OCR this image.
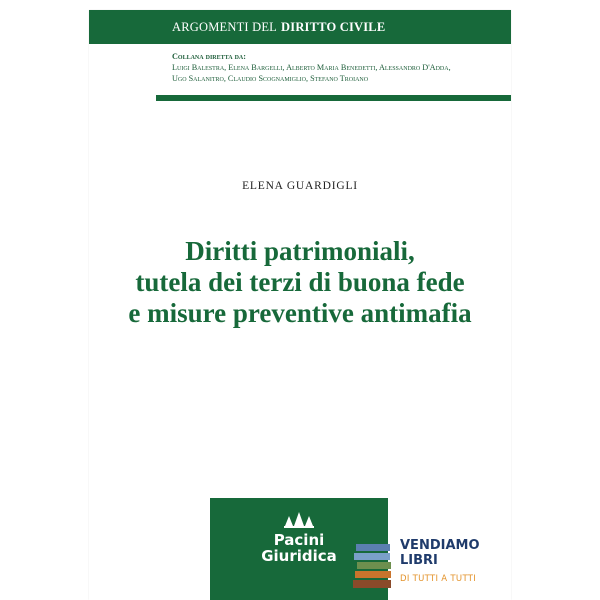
ARGOMENTI DEL DIRITTO CIVILE
Collana diretta da:
Luigi Balestra, Elena Bargelli, Alberto Maria Benedetti, Alessandro D'Adda,
Ugo Salanitro, Claudio Scognamiglio, Stefano Troiano
ELENA GUARDIGLI
Diritti patrimoniali,
tutela dei terzi di buona fede
e misure preventive antimafia
Pacini
Giuridica
VENDIAMO
LIBRI
DI TUTTI A TUTTI
